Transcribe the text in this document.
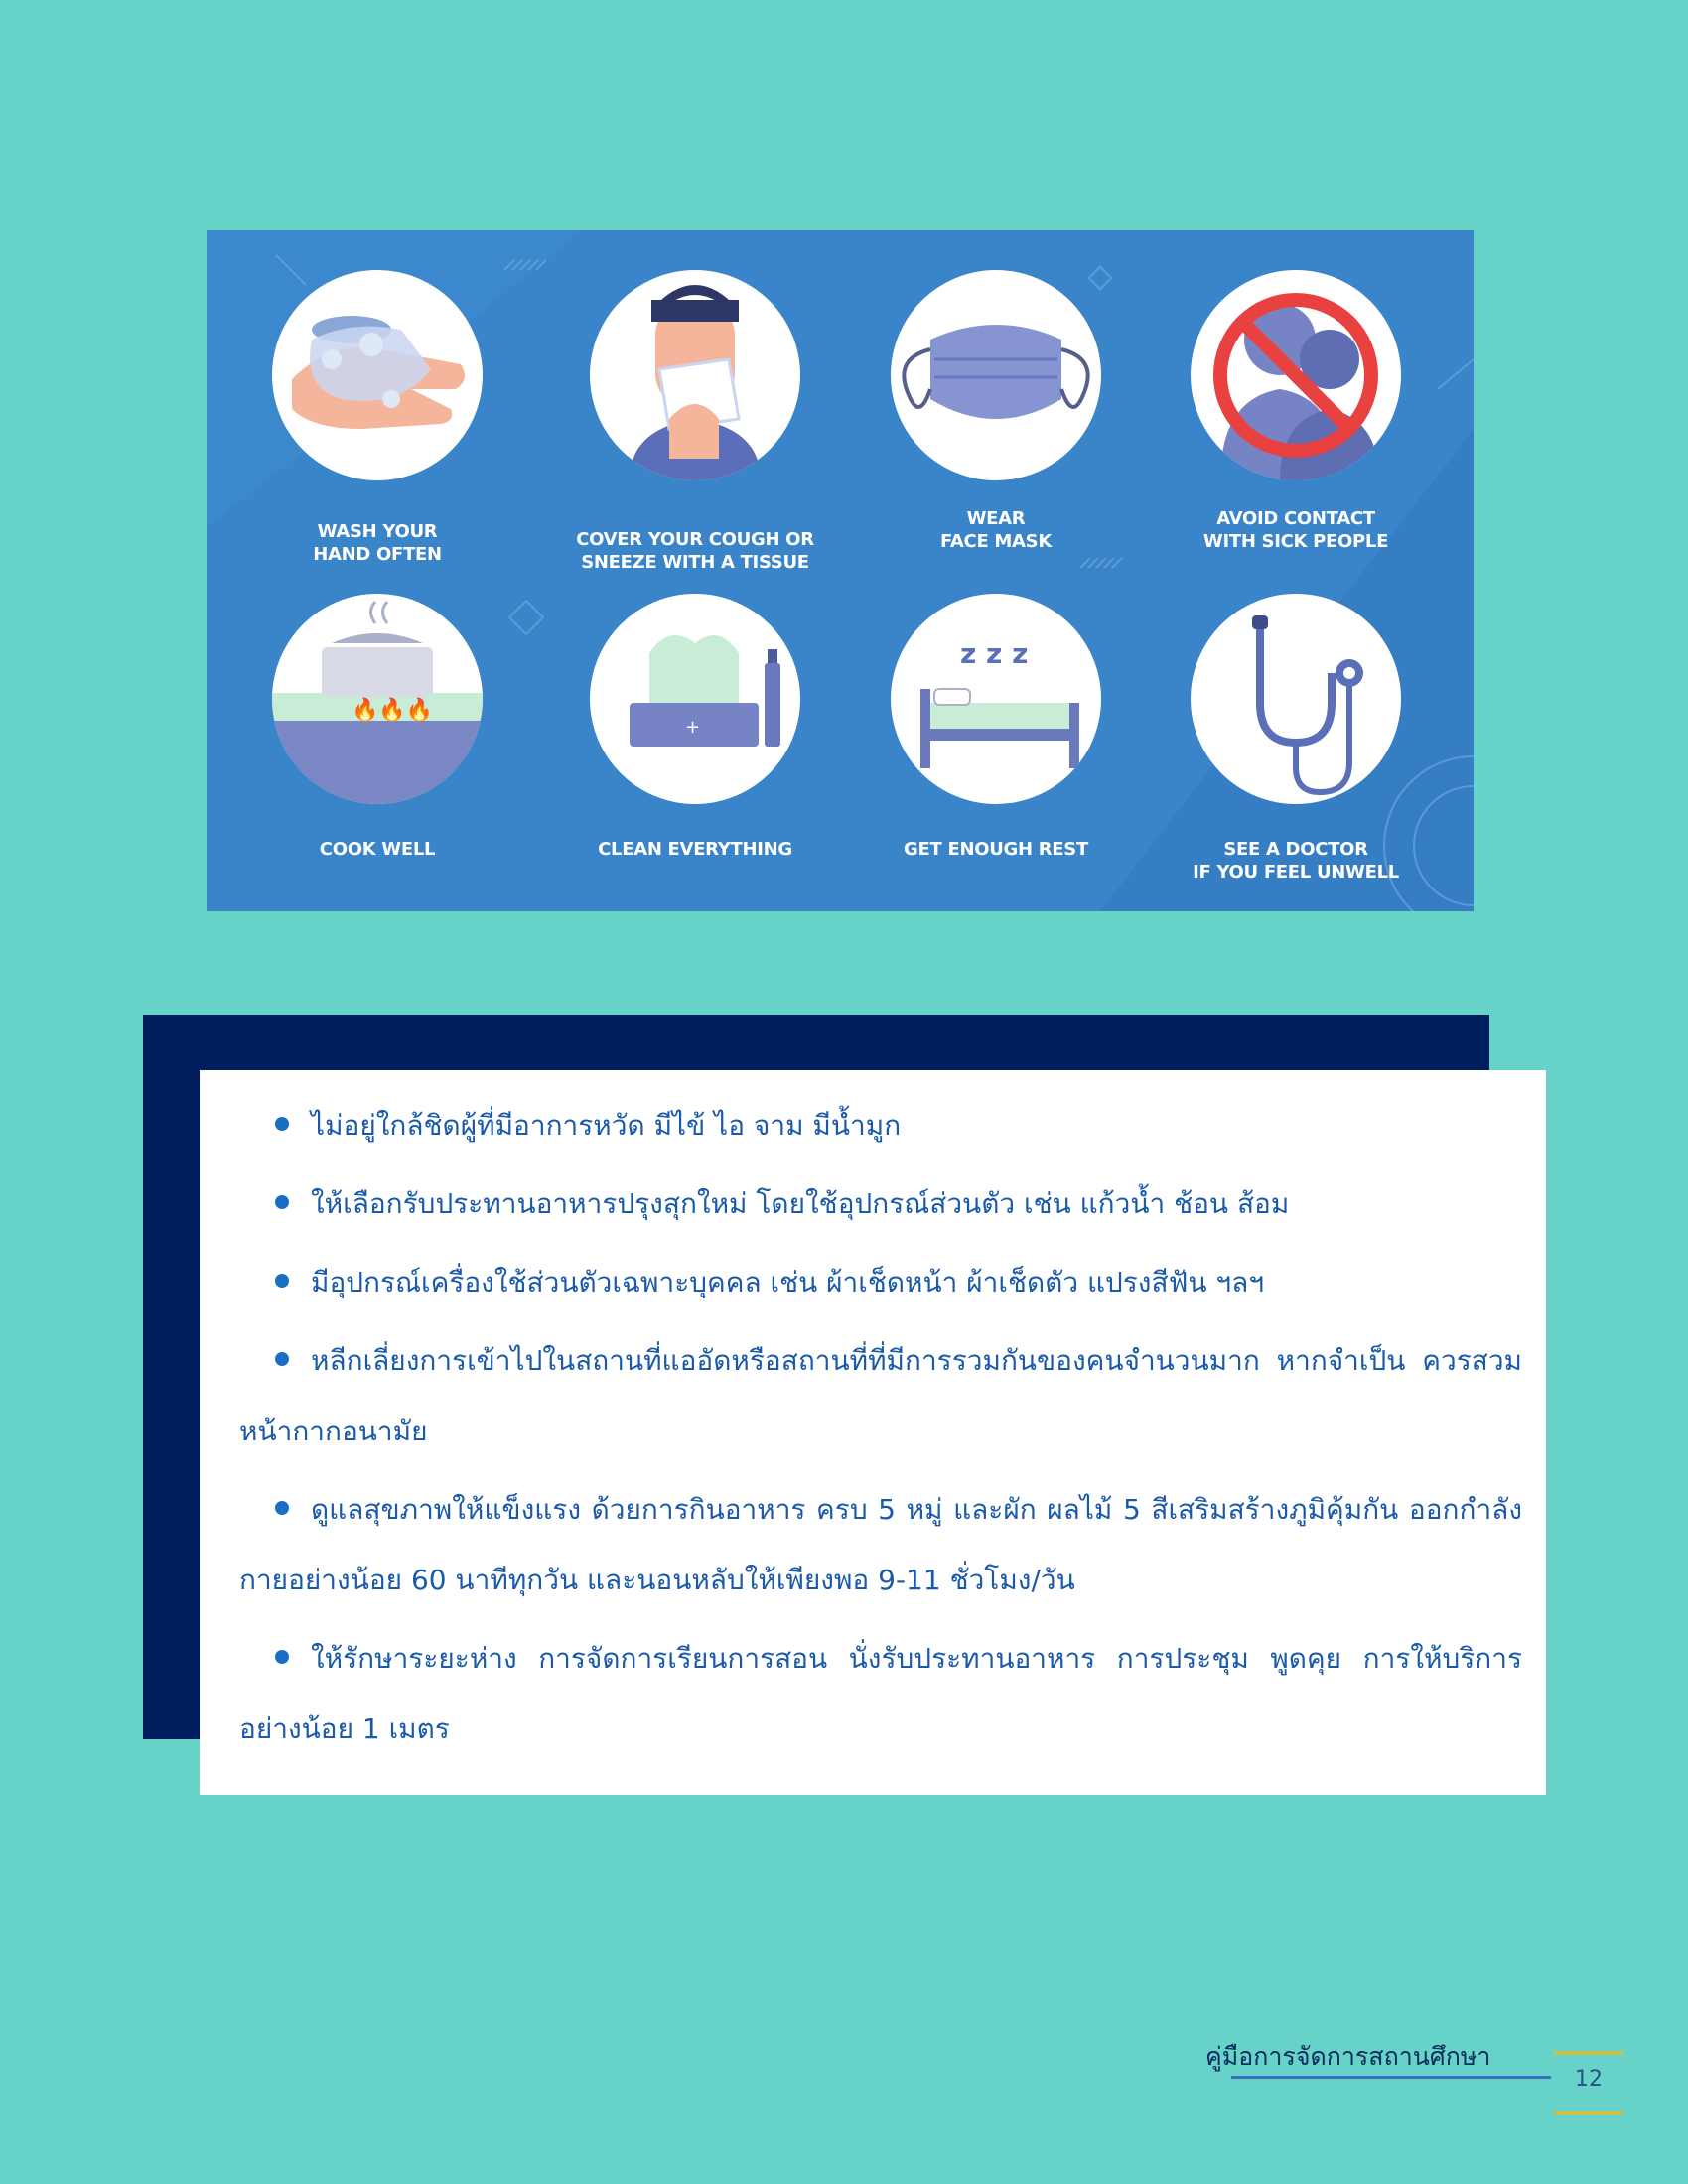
WASH YOUR
HAND OFTEN
COVER YOUR COUGH OR
SNEEZE WITH A TISSUE
WEAR
FACE MASK
AVOID CONTACT
WITH SICK PEOPLE
🔥🔥🔥
COOK WELL
+
CLEAN EVERYTHING
z z z
GET ENOUGH REST	SEE A DOCTOR
IF YOU FEEL UNWELL
ไม่อยู่ใกล้ชิดผู้ที่มีอาการหวัด มีไข้ ไอ จาม มีน้ำมูก
ให้เลือกรับประทานอาหารปรุงสุกใหม่ โดยใช้อุปกรณ์ส่วนตัว เช่น แก้วน้ำ ช้อน ส้อม
มีอุปกรณ์เครื่องใช้ส่วนตัวเฉพาะบุคคล เช่น ผ้าเช็ดหน้า ผ้าเช็ดตัว แปรงสีฟัน ฯลฯ
หลีกเลี่ยงการเข้าไปในสถานที่แออัดหรือสถานที่ที่มีการรวมกันของคนจำนวนมาก หากจำเป็น ควรสวมหน้ากากอนามัย
ดูแลสุขภาพให้แข็งแรง ด้วยการกินอาหาร ครบ 5 หมู่ และผัก ผลไม้ 5 สีเสริมสร้างภูมิคุ้มกัน ออกกำลังกายอย่างน้อย 60 นาทีทุกวัน และนอนหลับให้เพียงพอ 9-11 ชั่วโมง/วัน
ให้รักษาระยะห่าง การจัดการเรียนการสอน นั่งรับประทานอาหาร การประชุม พูดคุย การให้บริการ อย่างน้อย 1 เมตร
คู่มือการจัดการสถานศึกษา
12
